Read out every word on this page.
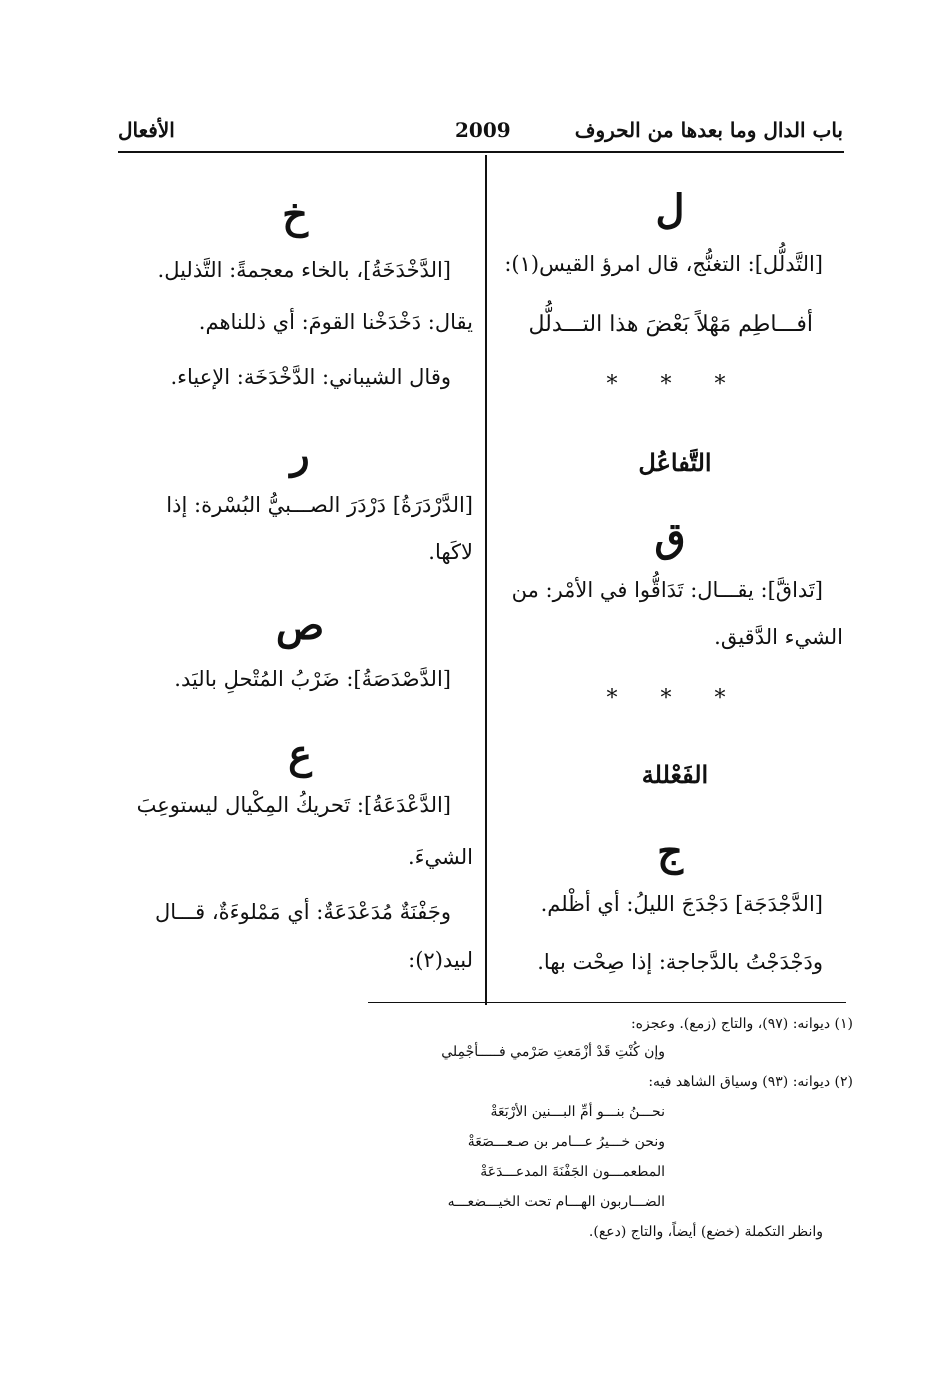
باب الدال وما بعدها من الحروف
2009
الأفعال
ل
[التَّدلُّل]: التغنُّج، قال امرؤ القيس(١):
أفـــاطِم مَهْلاً بَعْضَ هذا التـــدلُّل
* * *
التَّفاعُل
ق
[تَداقَّ]: يقـــال: تَدَاقُّوا في الأمْر: من
الشيء الدَّقيق.
* * *
الفَعْللة
ج
[الدَّجْدَجَة] دَجْدَجَ الليلُ: أي أظْلم.
ودَجْدَجْتُ بالدَّجاجة: إذا صِحْت بها.
خ
[الدَّخْدَخَةُ]، بالخاء معجمةً: التَّذليل.
يقال: دَخْدَخْنا القومَ: أي ذللناهم.
وقال الشيباني: الدَّخْدَخَة: الإعياء.
ر
[الدَّرْدَرَةُ] دَرْدَرَ الصـــبيُّ البُسْرة: إذا
لاكَها.
ص
[الدَّصْدَصَةُ]: ضَرْبُ المُتْحلِ باليَد.
ع
[الدَّعْدَعَةُ]: تَحريكُ المِكْيال ليستوعِبَ
الشيءَ.
وجَفْنَةٌ مُدَعْدَعَةٌ: أي مَمْلوءَةٌ، قـــال
لبيد(٢):
(١) ديوانه: (٩٧)، والتاج (زمع). وعجزه:
وإن كُنْتِ قَدْ أزْمَعتِ صَرْمي فـــــأجْمِلي
(٢) ديوانه: (٩٣) وسياق الشاهد فيه:
نحـــنُ بنـــو أمِّ البـــنين الأرْبَعَةْ
ونحن خـــيرُ عـــامر بن صـعـــصَعَةْ
المطعمـــون الجَفْنَةَ المدعـــدَعَةْ
الضـــاربون الهـــام تحت الخيـــضعـــه
وانظر التكملة (خضع) أيضاً، والتاج (دعع).
